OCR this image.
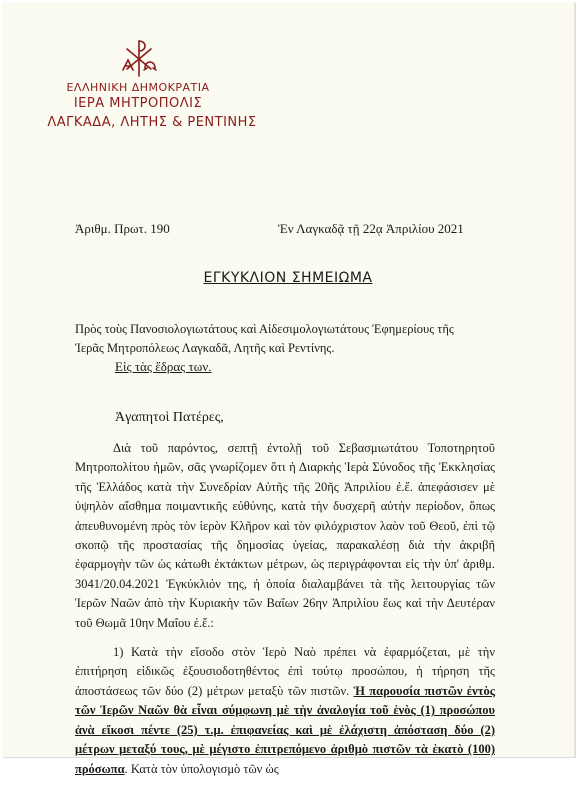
ΕΛΛΗΝΙΚΗ ΔΗΜΟΚΡΑΤΙΑ
ΙΕΡΑ ΜΗΤΡΟΠΟΛΙΣ
ΛΑΓΚΑΔΑ, ΛΗΤΗΣ & ΡΕΝΤΙΝΗΣ
Ἀριθμ. Πρωτ. 190	Ἐν Λαγκαδᾷ τῇ 22ᾳ Ἀπριλίου 2021
ΕΓΚΥΚΛΙΟΝ ΣΗΜΕΙΩΜΑ

Πρὸς τοὺς Πανοσιολογιωτάτους καὶ Αἰδεσιμολογιωτάτους Ἐφημερίους τῆς

Ἱερᾶς Μητροπόλεως Λαγκαδᾶ, Λητῆς καὶ Ρεντίνης.

Εἰς τὰς ἕδρας των.
Ἀγαπητοὶ Πατέρες,

Διὰ τοῦ παρόντος, σεπτῇ ἐντολῇ τοῦ Σεβασμιωτάτου Τοποτηρητοῦ Μητροπολίτου ἡμῶν, σᾶς γνωρίζομεν ὅτι ἡ Διαρκὴς Ἱερὰ Σύνοδος τῆς Ἐκκλησίας τῆς Ἑλλάδος κατὰ τὴν Συνεδρίαν Αὐτῆς τῆς 20ῆς Ἀπριλίου ἐ.ἔ. ἀπεφάσισεν μὲ ὑψηλὸν αἴσθημα ποιμαντικῆς εὐθύνης, κατὰ τὴν δυσχερῆ αὐτὴν περίοδον, ὅπως ἀπευθυνομένη πρὸς τὸν ἱερὸν Κλῆρον καὶ τὸν φιλόχριστον λαὸν τοῦ Θεοῦ, ἐπὶ τῷ σκοπῷ τῆς προστασίας τῆς δημοσίας ὑγείας, παρακαλέσῃ διὰ τὴν ἀκριβῆ ἐφαρμογὴν τῶν ὡς κάτωθι ἐκτάκτων μέτρων, ὡς περιγράφονται εἰς τὴν ὑπ' ἀριθμ. 3041/20.04.2021 Ἐγκύκλιόν της, ἡ ὁποία διαλαμβάνει τὰ τῆς λειτουργίας τῶν Ἱερῶν Ναῶν ἀπὸ τὴν Κυριακὴν τῶν Βαΐων 26ην Ἀπριλίου ἕως καὶ τὴν Δευτέραν τοῦ Θωμᾶ 10ην Μαΐου ἐ.ἔ.:

1) Κατὰ τὴν εἴσοδο στὸν Ἱερὸ Ναὸ πρέπει νὰ ἐφαρμόζεται, μὲ τὴν ἐπιτήρηση εἰδικῶς ἐξουσιοδοτηθέντος ἐπὶ τούτῳ προσώπου, ἡ τήρηση τῆς ἀποστάσεως τῶν δύο (2) μέτρων μεταξὺ τῶν πιστῶν. Ἡ παρουσία πιστῶν ἐντὸς τῶν Ἱερῶν Ναῶν θὰ εἶναι σύμφωνη μὲ τὴν ἀναλογία τοῦ ἑνὸς (1) προσώπου ἀνὰ εἴκοσι πέντε (25) τ.μ. ἐπιφανείας καὶ μὲ ἐλάχιστη ἀπόσταση δύο (2) μέτρων μεταξύ τους, μὲ μέγιστο ἐπιτρεπόμενο ἀριθμὸ πιστῶν τὰ ἑκατὸ (100) πρόσωπα. Κατὰ τὸν ὑπολογισμὸ τῶν ὡς
